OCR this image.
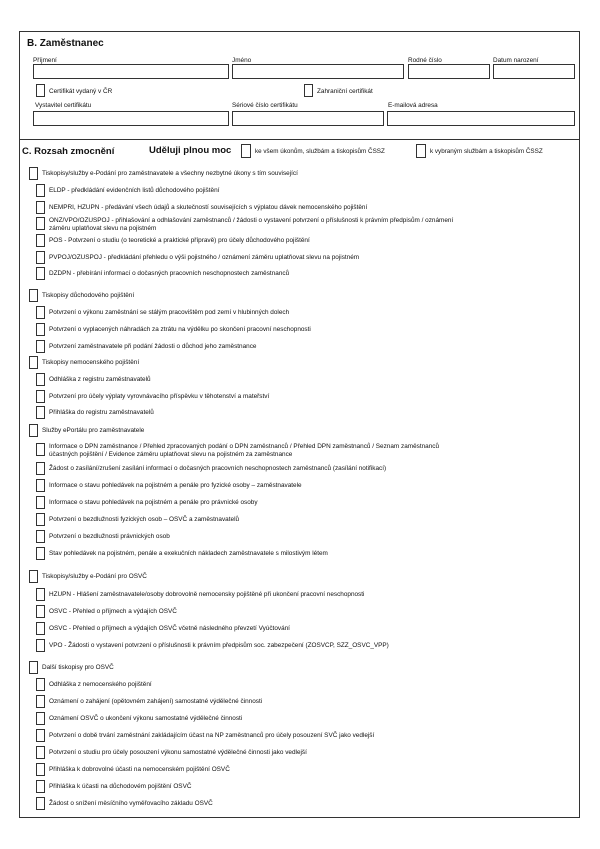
B. Zaměstnanec
Příjmení	Jméno	Rodné číslo	Datum narození
Certifikát vydaný v ČR	Zahraniční certifikát
Vystavitel certifikátu	Sériové číslo certifikátu	E-mailová adresa
C. Rozsah zmocnění	Uděluji plnou moc	ke všem úkonům, službám a tiskopisům ČSSZ	k vybraným službám a tiskopisům ČSSZ
Tiskopisy/služby e-Podání pro zaměstnavatele a všechny nezbytné úkony s tím související
ELDP - předkládání evidenčních listů důchodového pojištění
NEMPRI, HZUPN - předávání všech údajů a skutečností souvisejících s výplatou dávek nemocenského pojištění
ONZ/VPO/OZUSPOJ - přihlašování a odhlašování zaměstnanců / žádosti o vystavení potvrzení o příslušnosti k právním předpisům / oznámení
záměru uplatňovat slevu na pojistném
POS - Potvrzení o studiu (o teoretické a praktické přípravě) pro účely důchodového pojištění
PVPOJ/OZUSPOJ - předkládání přehledu o výši pojistného / oznámení záměru uplatňovat slevu na pojistném
DZDPN - přebírání informací o dočasných pracovních neschopnostech zaměstnanců
Tiskopisy důchodového pojištění
Potvrzení o výkonu zaměstnání se stálým pracovištěm pod zemí v hlubinných dolech
Potvrzení o vyplacených náhradách za ztrátu na výdělku po skončení pracovní neschopnosti
Potvrzení zaměstnavatele při podání žádosti o důchod jeho zaměstnance
Tiskopisy nemocenského pojištění
Odhláška z registru zaměstnavatelů
Potvrzení pro účely výplaty vyrovnávacího příspěvku v těhotenství a mateřství
Přihláška do registru zaměstnavatelů
Služby ePortálu pro zaměstnavatele
Informace o DPN zaměstnance / Přehled zpracovaných podání o DPN zaměstnanců / Přehled DPN zaměstnanců / Seznam zaměstnanců
účastných pojištění / Evidence záměru uplatňovat slevu na pojistném za zaměstnance
Žádost o zasílání/zrušení zasílání informací o dočasných pracovních neschopnostech zaměstnanců (zasílání notifikací)
Informace o stavu pohledávek na pojistném a penále pro fyzické osoby – zaměstnavatele
Informace o stavu pohledávek na pojistném a penále pro právnické osoby
Potvrzení o bezdlužnosti fyzických osob – OSVČ a zaměstnavatelů
Potvrzení o bezdlužnosti právnických osob
Stav pohledávek na pojistném, penále a exekučních nákladech zaměstnavatele s milostivým létem
Tiskopisy/služby e-Podání pro OSVČ
HZUPN - Hlášení zaměstnavatele/osoby dobrovolně nemocensky pojištěné při ukončení pracovní neschopnosti
OSVC - Přehled o příjmech a výdajích OSVČ
OSVC - Přehled o příjmech a výdajích OSVČ včetně následného převzetí Vyúčtování
VPO - Žádosti o vystavení potvrzení o příslušnosti k právním předpisům soc. zabezpečení (ZOSVCP, SZZ_OSVC_VPP)
Další tiskopisy pro OSVČ
Odhláška z nemocenského pojištění
Oznámení o zahájení (opětovném zahájení) samostatné výdělečné činnosti
Oznámení OSVČ o ukončení výkonu samostatné výdělečné činnosti
Potvrzení o době trvání zaměstnání zakládajícím účast na NP zaměstnanců pro účely posouzení SVČ jako vedlejší
Potvrzení o studiu pro účely posouzení výkonu samostatné výdělečné činnosti jako vedlejší
Přihláška k dobrovolné účasti na nemocenském pojištění OSVČ
Přihláška k účasti na důchodovém pojištění OSVČ
Žádost o snížení měsíčního vyměřovacího základu OSVČ
